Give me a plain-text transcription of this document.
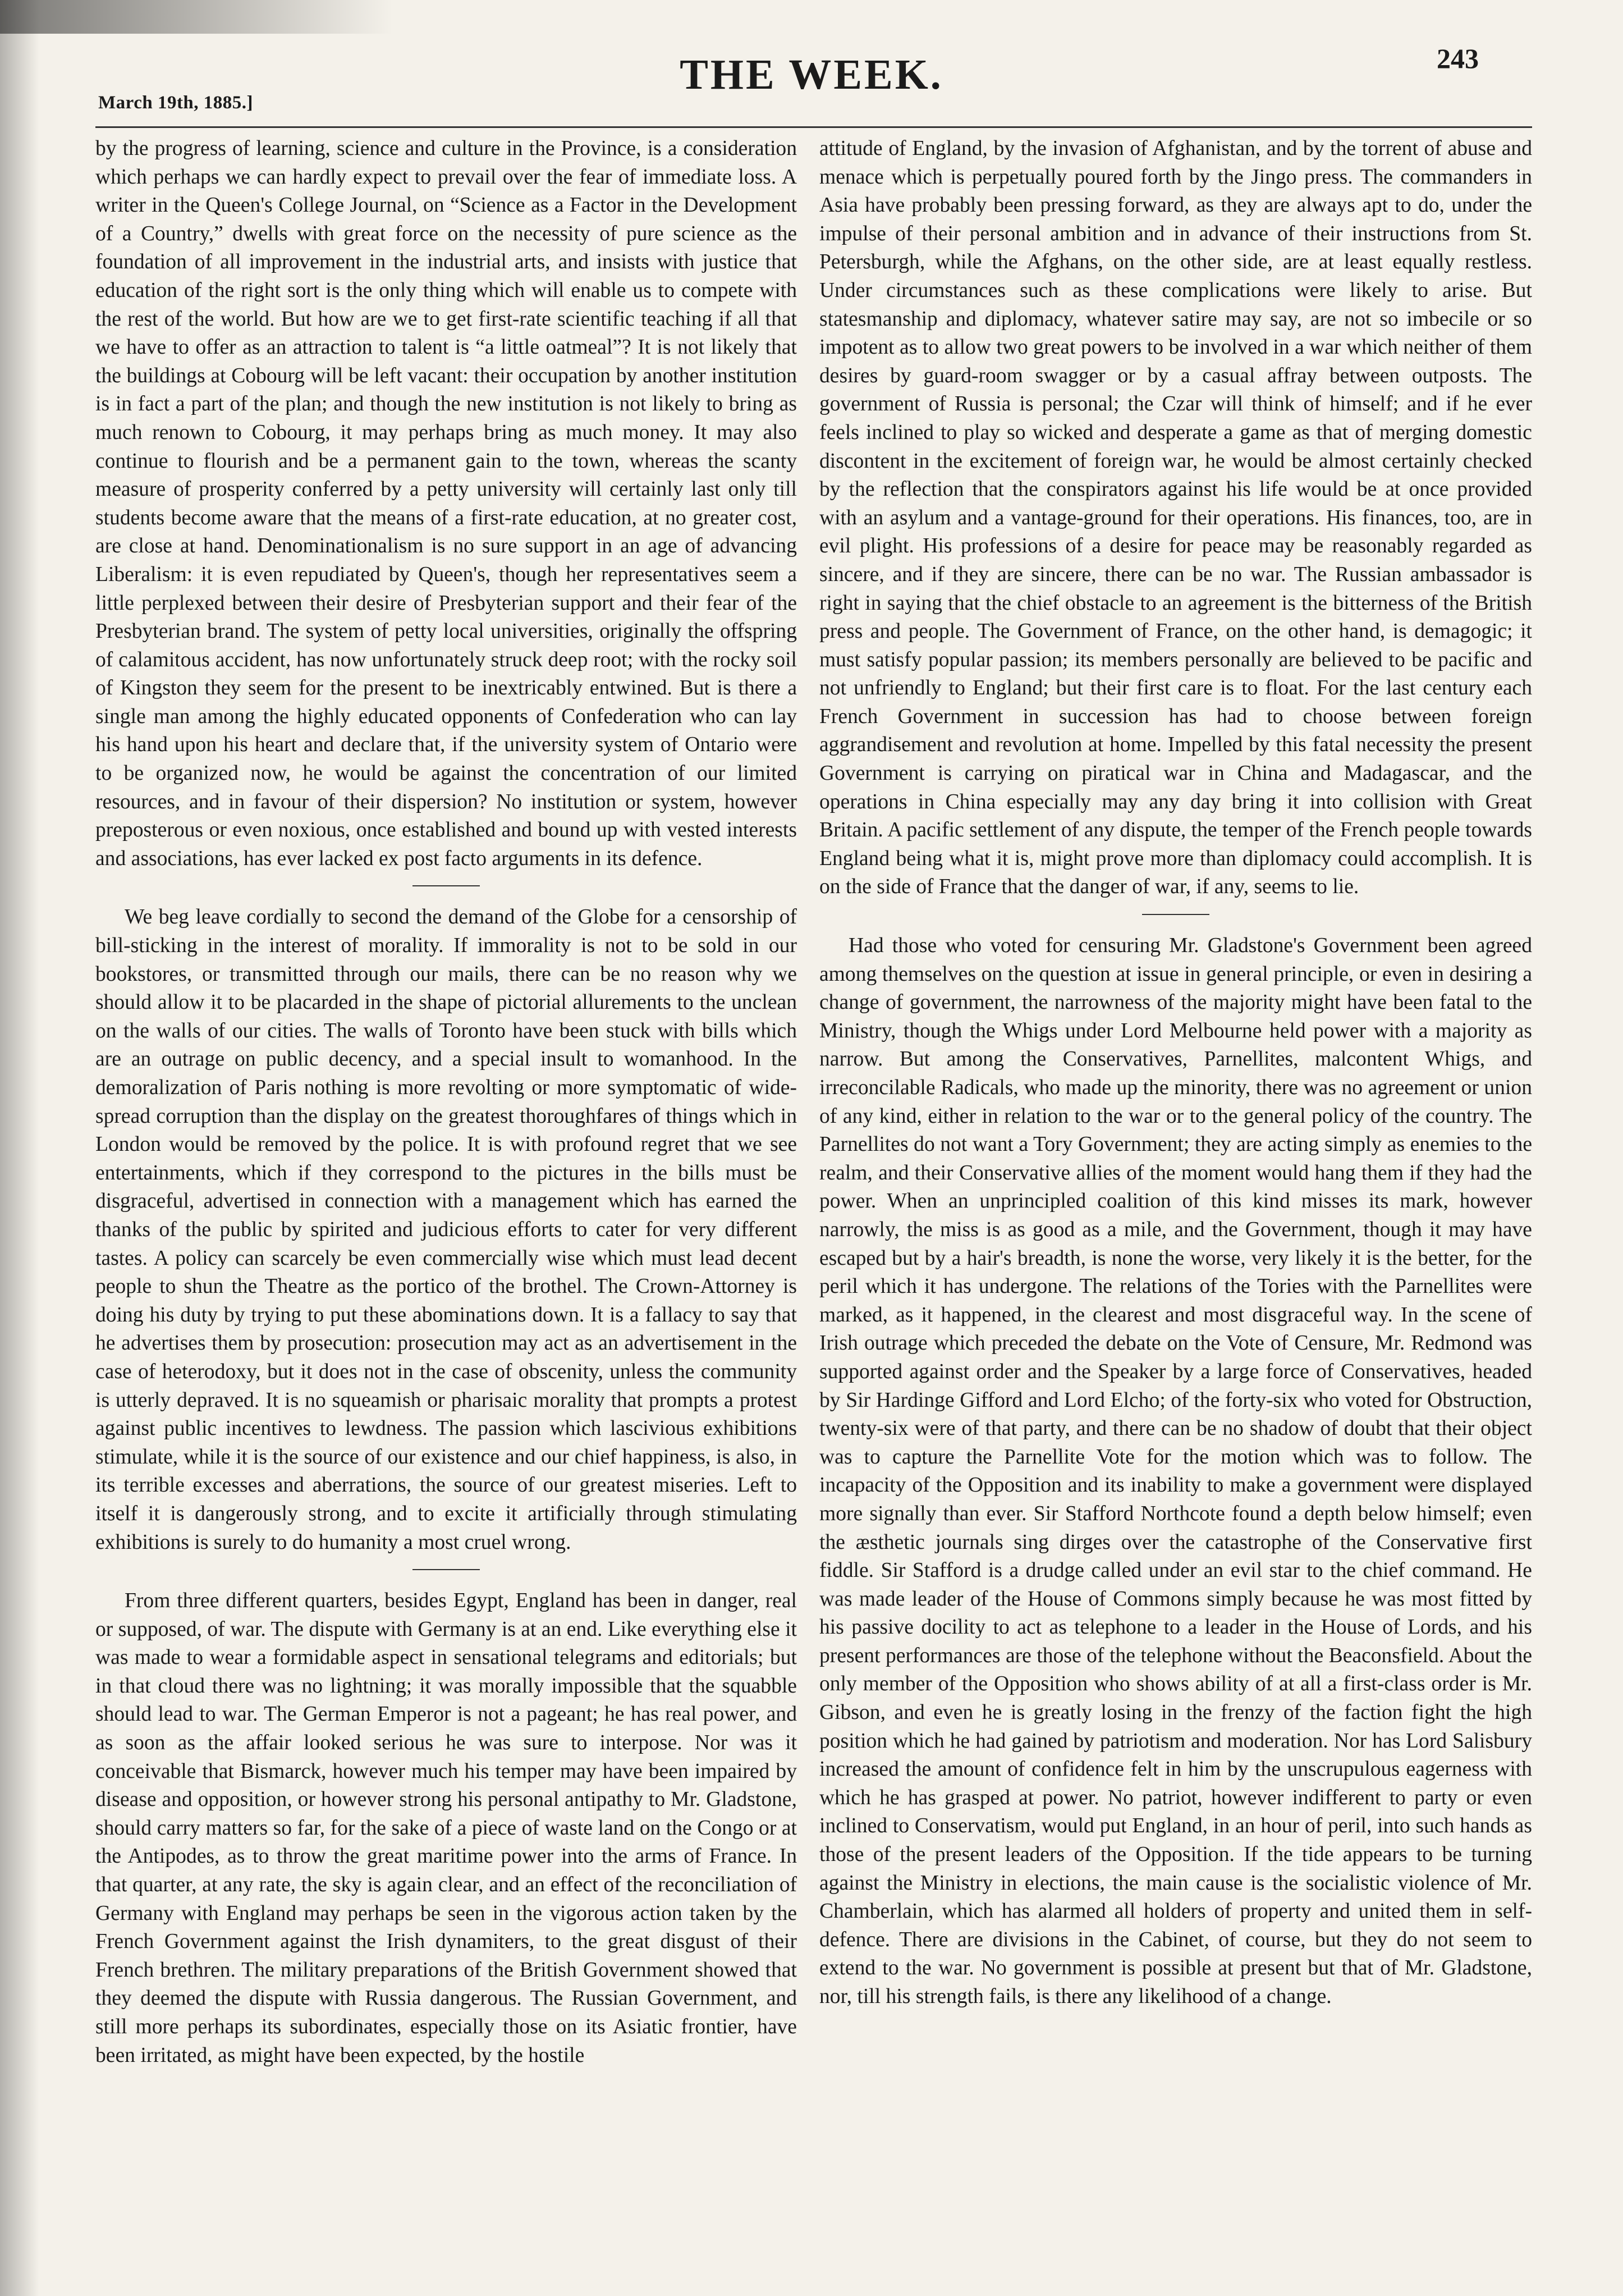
March 19th, 1885.]
THE WEEK.	243

by the progress of learning, science and culture in the Province, is a consideration which perhaps we can hardly expect to prevail over the fear of immediate loss. A writer in the Queen's College Journal, on “Science as a Factor in the Development of a Country,” dwells with great force on the necessity of pure science as the foundation of all improvement in the industrial arts, and insists with justice that education of the right sort is the only thing which will enable us to compete with the rest of the world. But how are we to get first-rate scientific teaching if all that we have to offer as an attraction to talent is “a little oatmeal”? It is not likely that the buildings at Cobourg will be left vacant: their occupation by another institution is in fact a part of the plan; and though the new institution is not likely to bring as much renown to Cobourg, it may perhaps bring as much money. It may also continue to flourish and be a permanent gain to the town, whereas the scanty measure of prosperity conferred by a petty university will certainly last only till students become aware that the means of a first-rate education, at no greater cost, are close at hand. Denominationalism is no sure support in an age of advancing Liberalism: it is even repudiated by Queen's, though her representatives seem a little perplexed between their desire of Presbyterian support and their fear of the Presbyterian brand. The system of petty local universities, originally the offspring of calamitous accident, has now unfortunately struck deep root; with the rocky soil of Kingston they seem for the present to be inextricably entwined. But is there a single man among the highly educated opponents of Confederation who can lay his hand upon his heart and declare that, if the university system of Ontario were to be organized now, he would be against the concentration of our limited resources, and in favour of their dispersion? No institution or system, however preposterous or even noxious, once established and bound up with vested interests and associations, has ever lacked ex post facto arguments in its defence.

We beg leave cordially to second the demand of the Globe for a censorship of bill-sticking in the interest of morality. If immorality is not to be sold in our bookstores, or transmitted through our mails, there can be no reason why we should allow it to be placarded in the shape of pictorial allurements to the unclean on the walls of our cities. The walls of Toronto have been stuck with bills which are an outrage on public decency, and a special insult to womanhood. In the demoralization of Paris nothing is more revolting or more symptomatic of wide-spread corruption than the display on the greatest thoroughfares of things which in London would be removed by the police. It is with profound regret that we see entertainments, which if they correspond to the pictures in the bills must be disgraceful, advertised in connection with a management which has earned the thanks of the public by spirited and judicious efforts to cater for very different tastes. A policy can scarcely be even commercially wise which must lead decent people to shun the Theatre as the portico of the brothel. The Crown-Attorney is doing his duty by trying to put these abominations down. It is a fallacy to say that he advertises them by prosecution: prosecution may act as an advertisement in the case of heterodoxy, but it does not in the case of obscenity, unless the community is utterly depraved. It is no squeamish or pharisaic morality that prompts a protest against public incentives to lewdness. The passion which lascivious exhibitions stimulate, while it is the source of our existence and our chief happiness, is also, in its terrible excesses and aberrations, the source of our greatest miseries. Left to itself it is dangerously strong, and to excite it artificially through stimulating exhibitions is surely to do humanity a most cruel wrong.

From three different quarters, besides Egypt, England has been in danger, real or supposed, of war. The dispute with Germany is at an end. Like everything else it was made to wear a formidable aspect in sensational telegrams and editorials; but in that cloud there was no lightning; it was morally impossible that the squabble should lead to war. The German Emperor is not a pageant; he has real power, and as soon as the affair looked serious he was sure to interpose. Nor was it conceivable that Bismarck, however much his temper may have been impaired by disease and opposition, or however strong his personal antipathy to Mr. Gladstone, should carry matters so far, for the sake of a piece of waste land on the Congo or at the Antipodes, as to throw the great maritime power into the arms of France. In that quarter, at any rate, the sky is again clear, and an effect of the reconciliation of Germany with England may perhaps be seen in the vigorous action taken by the French Government against the Irish dynamiters, to the great disgust of their French brethren. The military preparations of the British Government showed that they deemed the dispute with Russia dangerous. The Russian Government, and still more perhaps its subordinates, especially those on its Asiatic frontier, have been irritated, as might have been expected, by the hostile

attitude of England, by the invasion of Afghanistan, and by the torrent of abuse and menace which is perpetually poured forth by the Jingo press. The commanders in Asia have probably been pressing forward, as they are always apt to do, under the impulse of their personal ambition and in advance of their instructions from St. Petersburgh, while the Afghans, on the other side, are at least equally restless. Under circumstances such as these complications were likely to arise. But statesmanship and diplomacy, whatever satire may say, are not so imbecile or so impotent as to allow two great powers to be involved in a war which neither of them desires by guard-room swagger or by a casual affray between outposts. The government of Russia is personal; the Czar will think of himself; and if he ever feels inclined to play so wicked and desperate a game as that of merging domestic discontent in the excitement of foreign war, he would be almost certainly checked by the reflection that the conspirators against his life would be at once provided with an asylum and a vantage-ground for their operations. His finances, too, are in evil plight. His professions of a desire for peace may be reasonably regarded as sincere, and if they are sincere, there can be no war. The Russian ambassador is right in saying that the chief obstacle to an agreement is the bitterness of the British press and people. The Government of France, on the other hand, is demagogic; it must satisfy popular passion; its members personally are believed to be pacific and not unfriendly to England; but their first care is to float. For the last century each French Government in succession has had to choose between foreign aggrandisement and revolution at home. Impelled by this fatal necessity the present Government is carrying on piratical war in China and Madagascar, and the operations in China especially may any day bring it into collision with Great Britain. A pacific settlement of any dispute, the temper of the French people towards England being what it is, might prove more than diplomacy could accomplish. It is on the side of France that the danger of war, if any, seems to lie.

Had those who voted for censuring Mr. Gladstone's Government been agreed among themselves on the question at issue in general principle, or even in desiring a change of government, the narrowness of the majority might have been fatal to the Ministry, though the Whigs under Lord Melbourne held power with a majority as narrow. But among the Conservatives, Parnellites, malcontent Whigs, and irreconcilable Radicals, who made up the minority, there was no agreement or union of any kind, either in relation to the war or to the general policy of the country. The Parnellites do not want a Tory Government; they are acting simply as enemies to the realm, and their Conservative allies of the moment would hang them if they had the power. When an unprincipled coalition of this kind misses its mark, however narrowly, the miss is as good as a mile, and the Government, though it may have escaped but by a hair's breadth, is none the worse, very likely it is the better, for the peril which it has undergone. The relations of the Tories with the Parnellites were marked, as it happened, in the clearest and most disgraceful way. In the scene of Irish outrage which preceded the debate on the Vote of Censure, Mr. Redmond was supported against order and the Speaker by a large force of Conservatives, headed by Sir Hardinge Gifford and Lord Elcho; of the forty-six who voted for Obstruction, twenty-six were of that party, and there can be no shadow of doubt that their object was to capture the Parnellite Vote for the motion which was to follow. The incapacity of the Opposition and its inability to make a government were displayed more signally than ever. Sir Stafford Northcote found a depth below himself; even the æsthetic journals sing dirges over the catastrophe of the Conservative first fiddle. Sir Stafford is a drudge called under an evil star to the chief command. He was made leader of the House of Commons simply because he was most fitted by his passive docility to act as telephone to a leader in the House of Lords, and his present performances are those of the telephone without the Beaconsfield. About the only member of the Opposition who shows ability of at all a first-class order is Mr. Gibson, and even he is greatly losing in the frenzy of the faction fight the high position which he had gained by patriotism and moderation. Nor has Lord Salisbury increased the amount of confidence felt in him by the unscrupulous eagerness with which he has grasped at power. No patriot, however indifferent to party or even inclined to Conservatism, would put England, in an hour of peril, into such hands as those of the present leaders of the Opposition. If the tide appears to be turning against the Ministry in elections, the main cause is the socialistic violence of Mr. Chamberlain, which has alarmed all holders of property and united them in self-defence. There are divisions in the Cabinet, of course, but they do not seem to extend to the war. No government is possible at present but that of Mr. Gladstone, nor, till his strength fails, is there any likelihood of a change.
